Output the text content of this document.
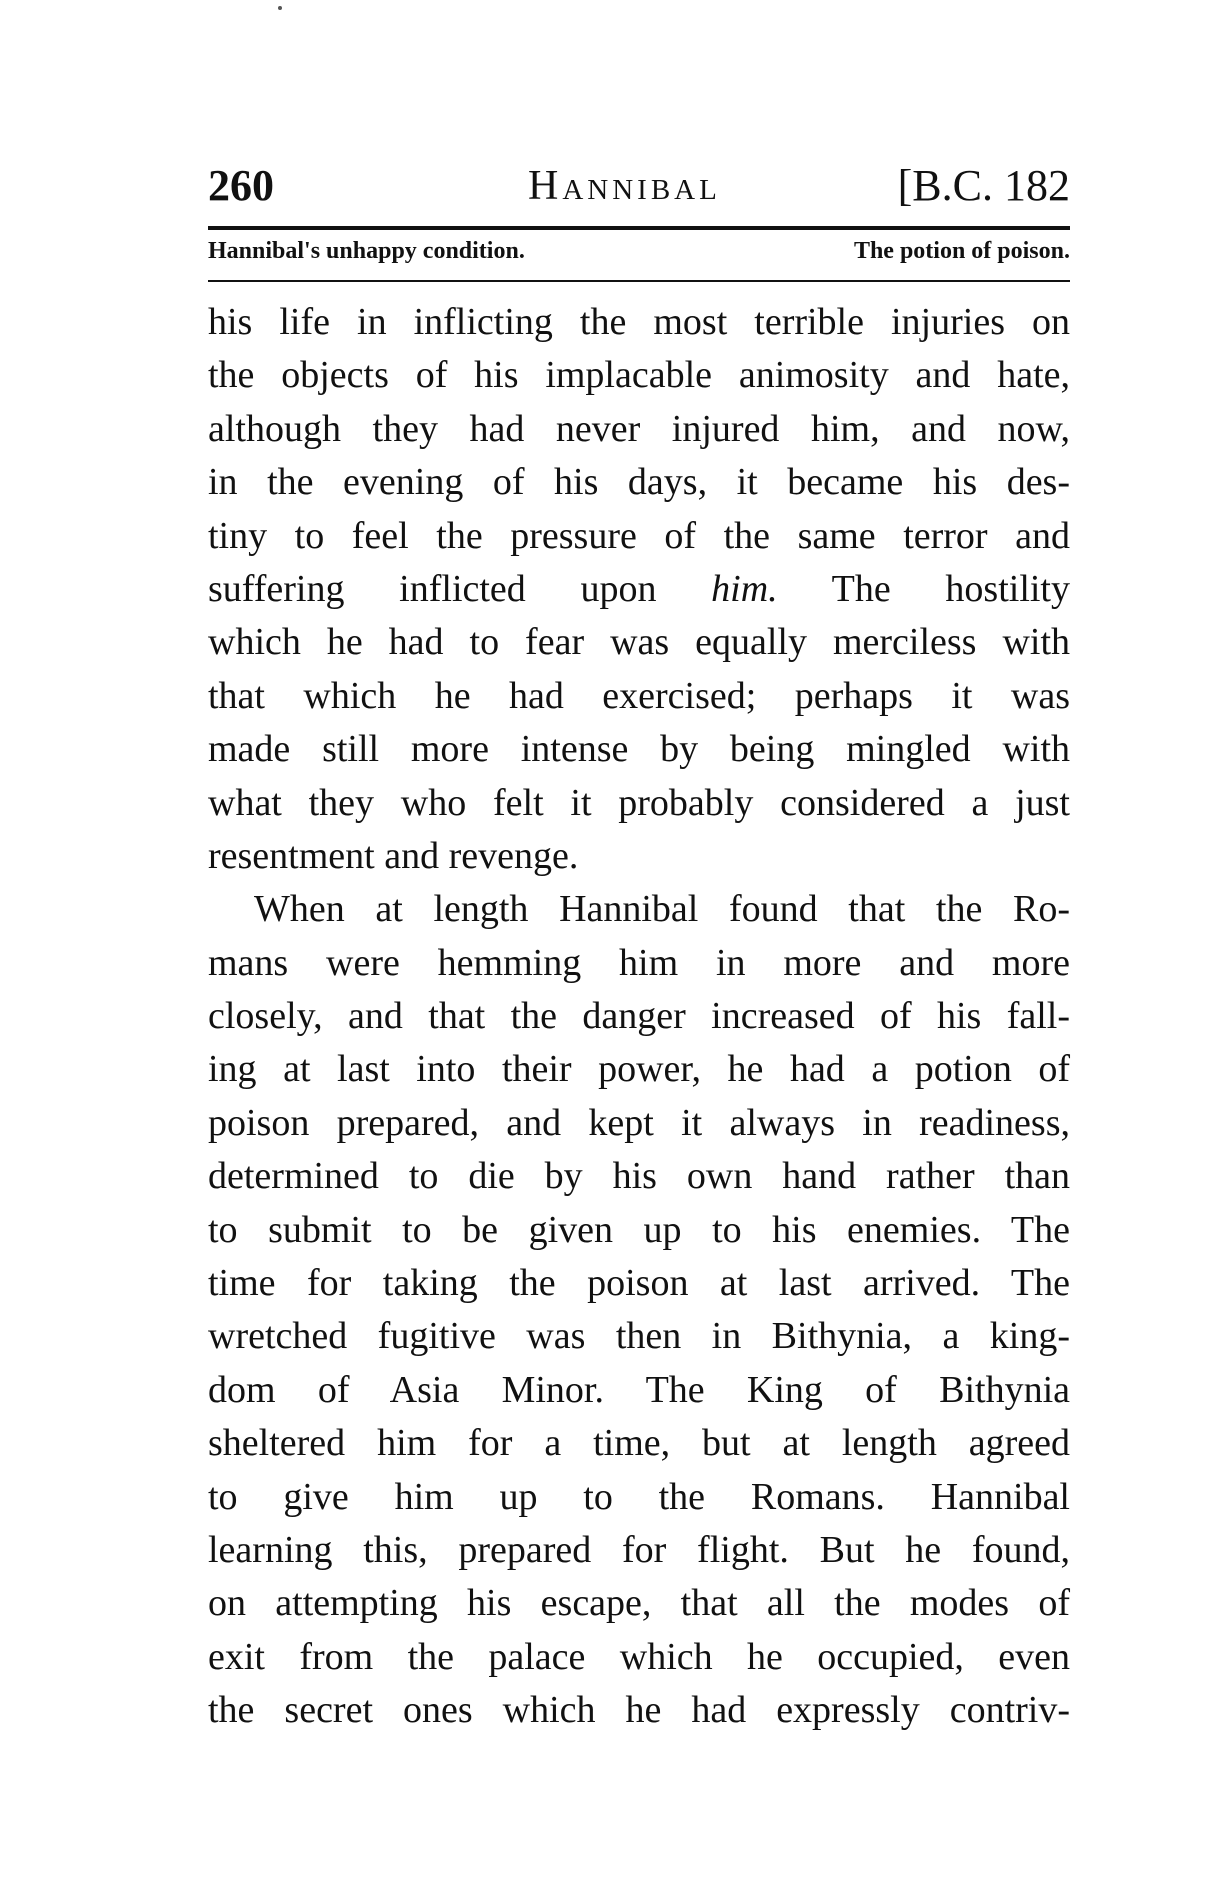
260	Hannibal	[B.C. 182
Hannibal's unhappy condition.	The potion of poison.
his life in inflicting the most terrible injuries on
the objects of his implacable animosity and hate,
although they had never injured him, and now,
in the evening of his days, it became his des-
tiny to feel the pressure of the same terror and
suffering inflicted upon him. The hostility
which he had to fear was equally merciless with
that which he had exercised; perhaps it was
made still more intense by being mingled with
what they who felt it probably considered a just
resentment and revenge.
When at length Hannibal found that the Ro-
mans were hemming him in more and more
closely, and that the danger increased of his fall-
ing at last into their power, he had a potion of
poison prepared, and kept it always in readiness,
determined to die by his own hand rather than
to submit to be given up to his enemies. The
time for taking the poison at last arrived. The
wretched fugitive was then in Bithynia, a king-
dom of Asia Minor. The King of Bithynia
sheltered him for a time, but at length agreed
to give him up to the Romans. Hannibal
learning this, prepared for flight. But he found,
on attempting his escape, that all the modes of
exit from the palace which he occupied, even
the secret ones which he had expressly contriv-
